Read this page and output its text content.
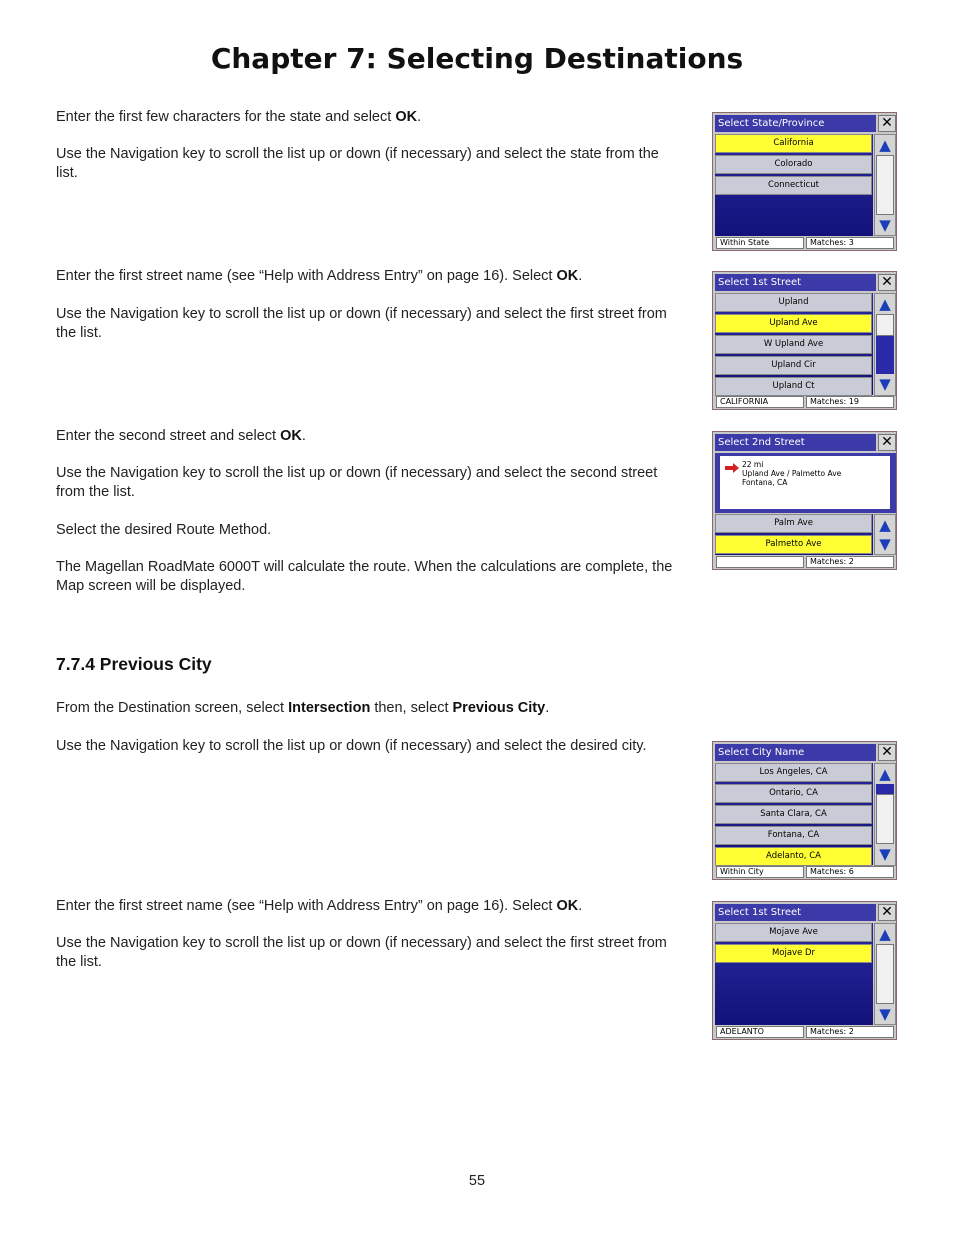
Chapter 7: Selecting Destinations
Enter the first few characters for the state and select OK.
Use the Navigation key to scroll the list up or down (if necessary) and select the state from the list.
Enter the first street name (see “Help with Address Entry” on page 16). Select OK.
Use the Navigation key to scroll the list up or down (if necessary) and select the first street from the list.
Enter the second street and select OK.
Use the Navigation key to scroll the list up or down (if necessary) and select the second street from the list.
Select the desired Route Method.
The Magellan RoadMate 6000T will calculate the route. When the calculations are complete, the Map screen will be displayed.
7.7.4 Previous City
From the Destination screen, select Intersection then, select Previous City.
Use the Navigation key to scroll the list up or down (if necessary) and select the desired city.
Enter the first street name (see “Help with Address Entry” on page 16). Select OK.
Use the Navigation key to scroll the list up or down (if necessary) and select the first street from the list.
55
Select State/Province	✕
California
Colorado
Connecticut
▲
▼
Within State	Matches: 3
Select 1st Street	✕
Upland
Upland Ave
W Upland Ave
Upland Cir
Upland Ct
▲
▼
CALIFORNIA	Matches: 19
Select 2nd Street	✕
22 mi
Upland Ave / Palmetto Ave
Fontana, CA
Palm Ave
Palmetto Ave
▲
▼
Matches: 2
Select City Name	✕
Los Angeles, CA
Ontario, CA
Santa Clara, CA
Fontana, CA
Adelanto, CA
▲
▼
Within City	Matches: 6
Select 1st Street	✕
Mojave Ave
Mojave Dr
▲
▼
ADELANTO	Matches: 2
